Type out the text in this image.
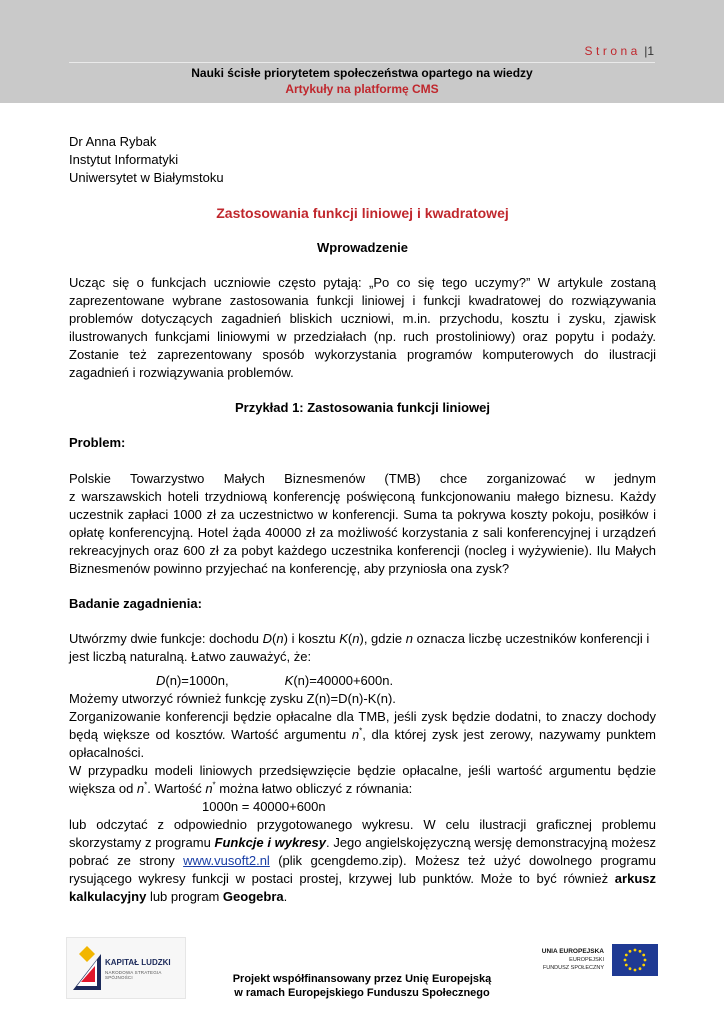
Strona |1
Nauki ścisłe priorytetem społeczeństwa opartego na wiedzy
Artykuły na platformę CMS

Dr Anna Rybak

Instytut Informatyki

Uniwersytet w Białymstoku

Zastosowania funkcji liniowej i kwadratowej

Wprowadzenie

Ucząc się o funkcjach uczniowie często pytają: „Po co się tego uczymy?” W artykule zostaną zaprezentowane wybrane zastosowania funkcji liniowej i funkcji kwadratowej do rozwiązywania problemów dotyczących zagadnień bliskich uczniowi, m.in. przychodu, kosztu i zysku, zjawisk ilustrowanych funkcjami liniowymi w przedziałach (np. ruch prostoliniowy) oraz popytu i podaży. Zostanie też zaprezentowany sposób wykorzystania programów komputerowych do ilustracji zagadnień i rozwiązywania problemów.

Przykład 1: Zastosowania funkcji liniowej

Problem:

Polskie Towarzystwo Małych Biznesmenów (TMB) chce zorganizować w jednym

z warszawskich hoteli trzydniową konferencję poświęconą funkcjonowaniu małego biznesu. Każdy uczestnik zapłaci 1000 zł za uczestnictwo w konferencji. Suma ta pokrywa koszty pokoju, posiłków i opłatę konferencyjną. Hotel żąda 40000 zł za możliwość korzystania z sali konferencyjnej i urządzeń rekreacyjnych oraz 600 zł za pobyt każdego uczestnika konferencji (nocleg i wyżywienie). Ilu Małych Biznesmenów powinno przyjechać na konferencję, aby przyniosła ona zysk?

Badanie zagadnienia:

Utwórzmy dwie funkcje: dochodu D(n) i kosztu K(n), gdzie n oznacza liczbę uczestników konferencji i jest liczbą naturalną. Łatwo zauważyć, że:

D(n)=1000n,	K(n)=40000+600n.

Możemy utworzyć również funkcję zysku Z(n)=D(n)-K(n).

Zorganizowanie konferencji będzie opłacalne dla TMB, jeśli zysk będzie dodatni, to znaczy dochody będą większe od kosztów. Wartość argumentu n*, dla której zysk jest zerowy, nazywamy punktem opłacalności.

W przypadku modeli liniowych przedsięwzięcie będzie opłacalne, jeśli wartość argumentu będzie większa od n*. Wartość n* można łatwo obliczyć z równania:

1000n = 40000+600n

lub odczytać z odpowiednio przygotowanego wykresu. W celu ilustracji graficznej problemu skorzystamy z programu Funkcje i wykresy. Jego angielskojęzyczną wersję demonstracyjną możesz pobrać ze strony www.vusoft2.nl (plik gcengdemo.zip). Możesz też użyć dowolnego programu rysującego wykresy funkcji w postaci prostej, krzywej lub punktów. Może to być również arkusz kalkulacyjny lub program Geogebra.

KAPITAŁ LUDZKI
NARODOWA STRATEGIA SPÓJNOŚCI
UNIA EUROPEJSKA
EUROPEJSKI
FUNDUSZ SPOŁECZNY
Projekt współfinansowany przez Unię Europejską
w ramach Europejskiego Funduszu Społecznego
